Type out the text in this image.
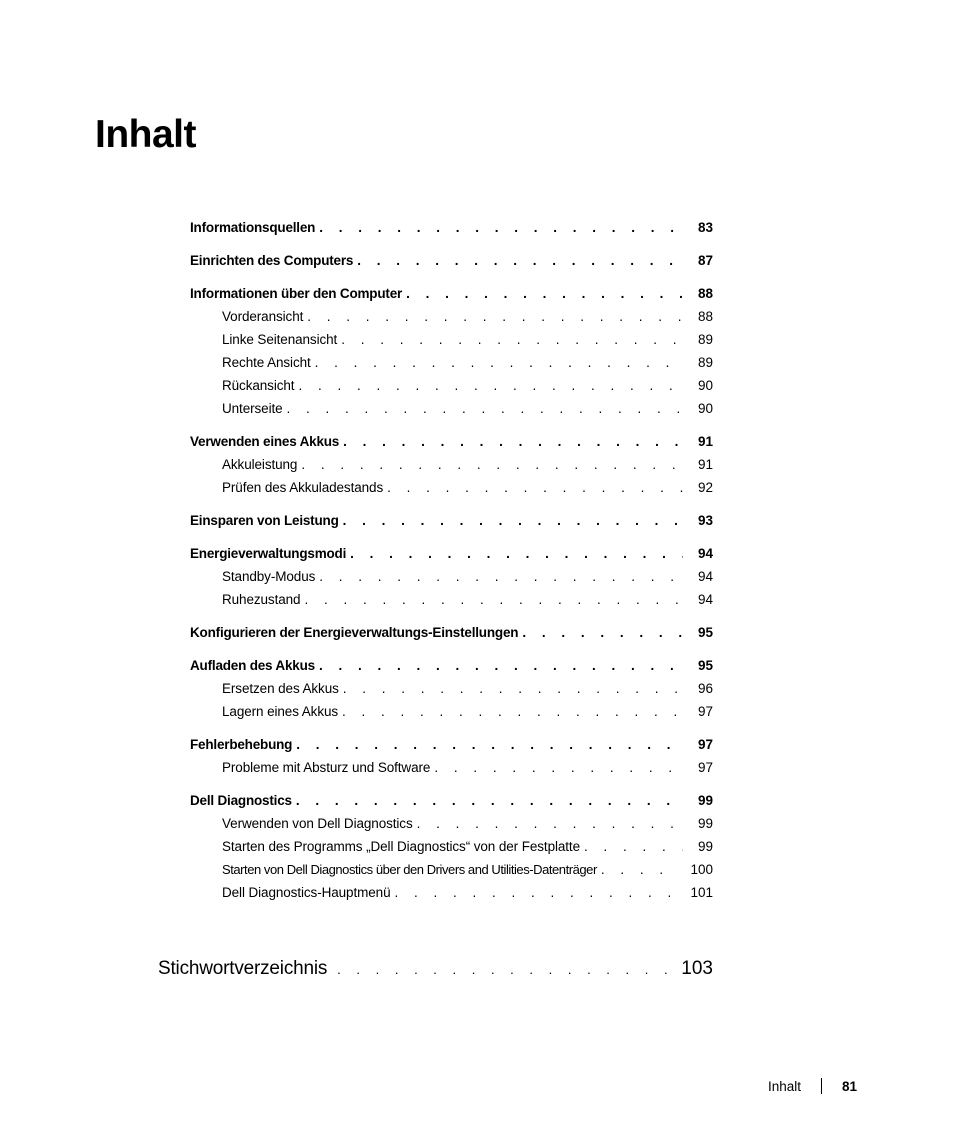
Inhalt
Informationsquellen . . .	83
Einrichten des Computers . . .	87
Informationen über den Computer . . .	88
Vorderansicht . . .	88
Linke Seitenansicht . . .	89
Rechte Ansicht . . .	89
Rückansicht . . .	90
Unterseite . . .	90
Verwenden eines Akkus . . .	91
Akkuleistung . . .	91
Prüfen des Akkuladestands . . .	92
Einsparen von Leistung . . .	93
Energieverwaltungsmodi . . .	94
Standby-Modus . . .	94
Ruhezustand . . .	94
Konfigurieren der Energieverwaltungs-Einstellungen . . .	95
Aufladen des Akkus . . .	95
Ersetzen des Akkus . . .	96
Lagern eines Akkus . . .	97
Fehlerbehebung . . .	97
Probleme mit Absturz und Software . . .	97
Dell Diagnostics . . .	99
Verwenden von Dell Diagnostics . . .	99
Starten des Programms „Dell Diagnostics“ von der Festplatte . . .	99
Starten von Dell Diagnostics über den Drivers and Utilities-Datenträger . . .	100
Dell Diagnostics-Hauptmenü . . .	101
Stichwortverzeichnis . . .	103
Inhalt	81
